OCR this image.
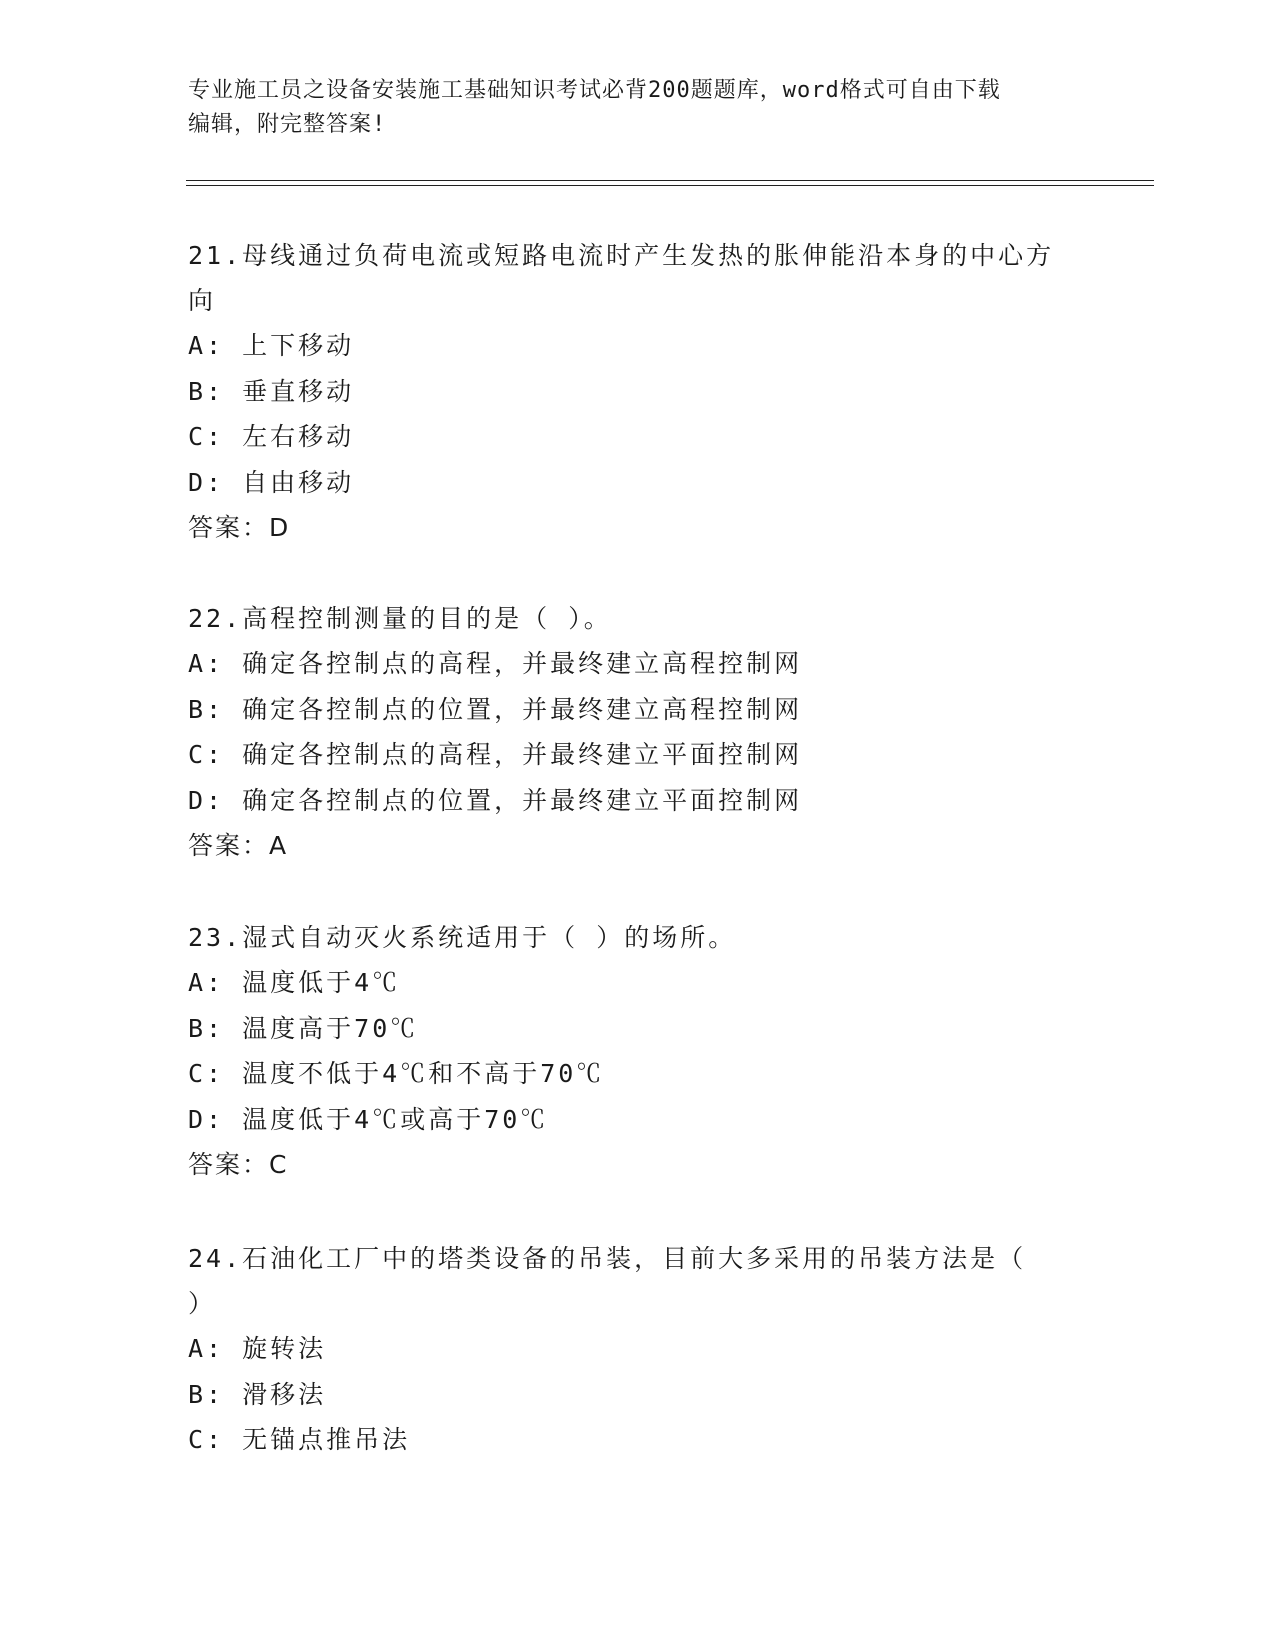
专业施工员之设备安装施工基础知识考试必背200题题库，word格式可自由下载
编辑，附完整答案!
21.母线通过负荷电流或短路电流时产生发热的胀伸能沿本身的中心方
向
A: 上下移动
B: 垂直移动
C: 左右移动
D: 自由移动
答案：D
22.高程控制测量的目的是（ ）。
A: 确定各控制点的高程，并最终建立高程控制网
B: 确定各控制点的位置，并最终建立高程控制网
C: 确定各控制点的高程，并最终建立平面控制网
D: 确定各控制点的位置，并最终建立平面控制网
答案：A
23.湿式自动灭火系统适用于（ ）的场所。
A: 温度低于4℃
B: 温度高于70℃
C: 温度不低于4℃和不高于70℃
D: 温度低于4℃或高于70℃
答案：C
24.石油化工厂中的塔类设备的吊装，目前大多采用的吊装方法是（
）
A: 旋转法
B: 滑移法
C: 无锚点推吊法
